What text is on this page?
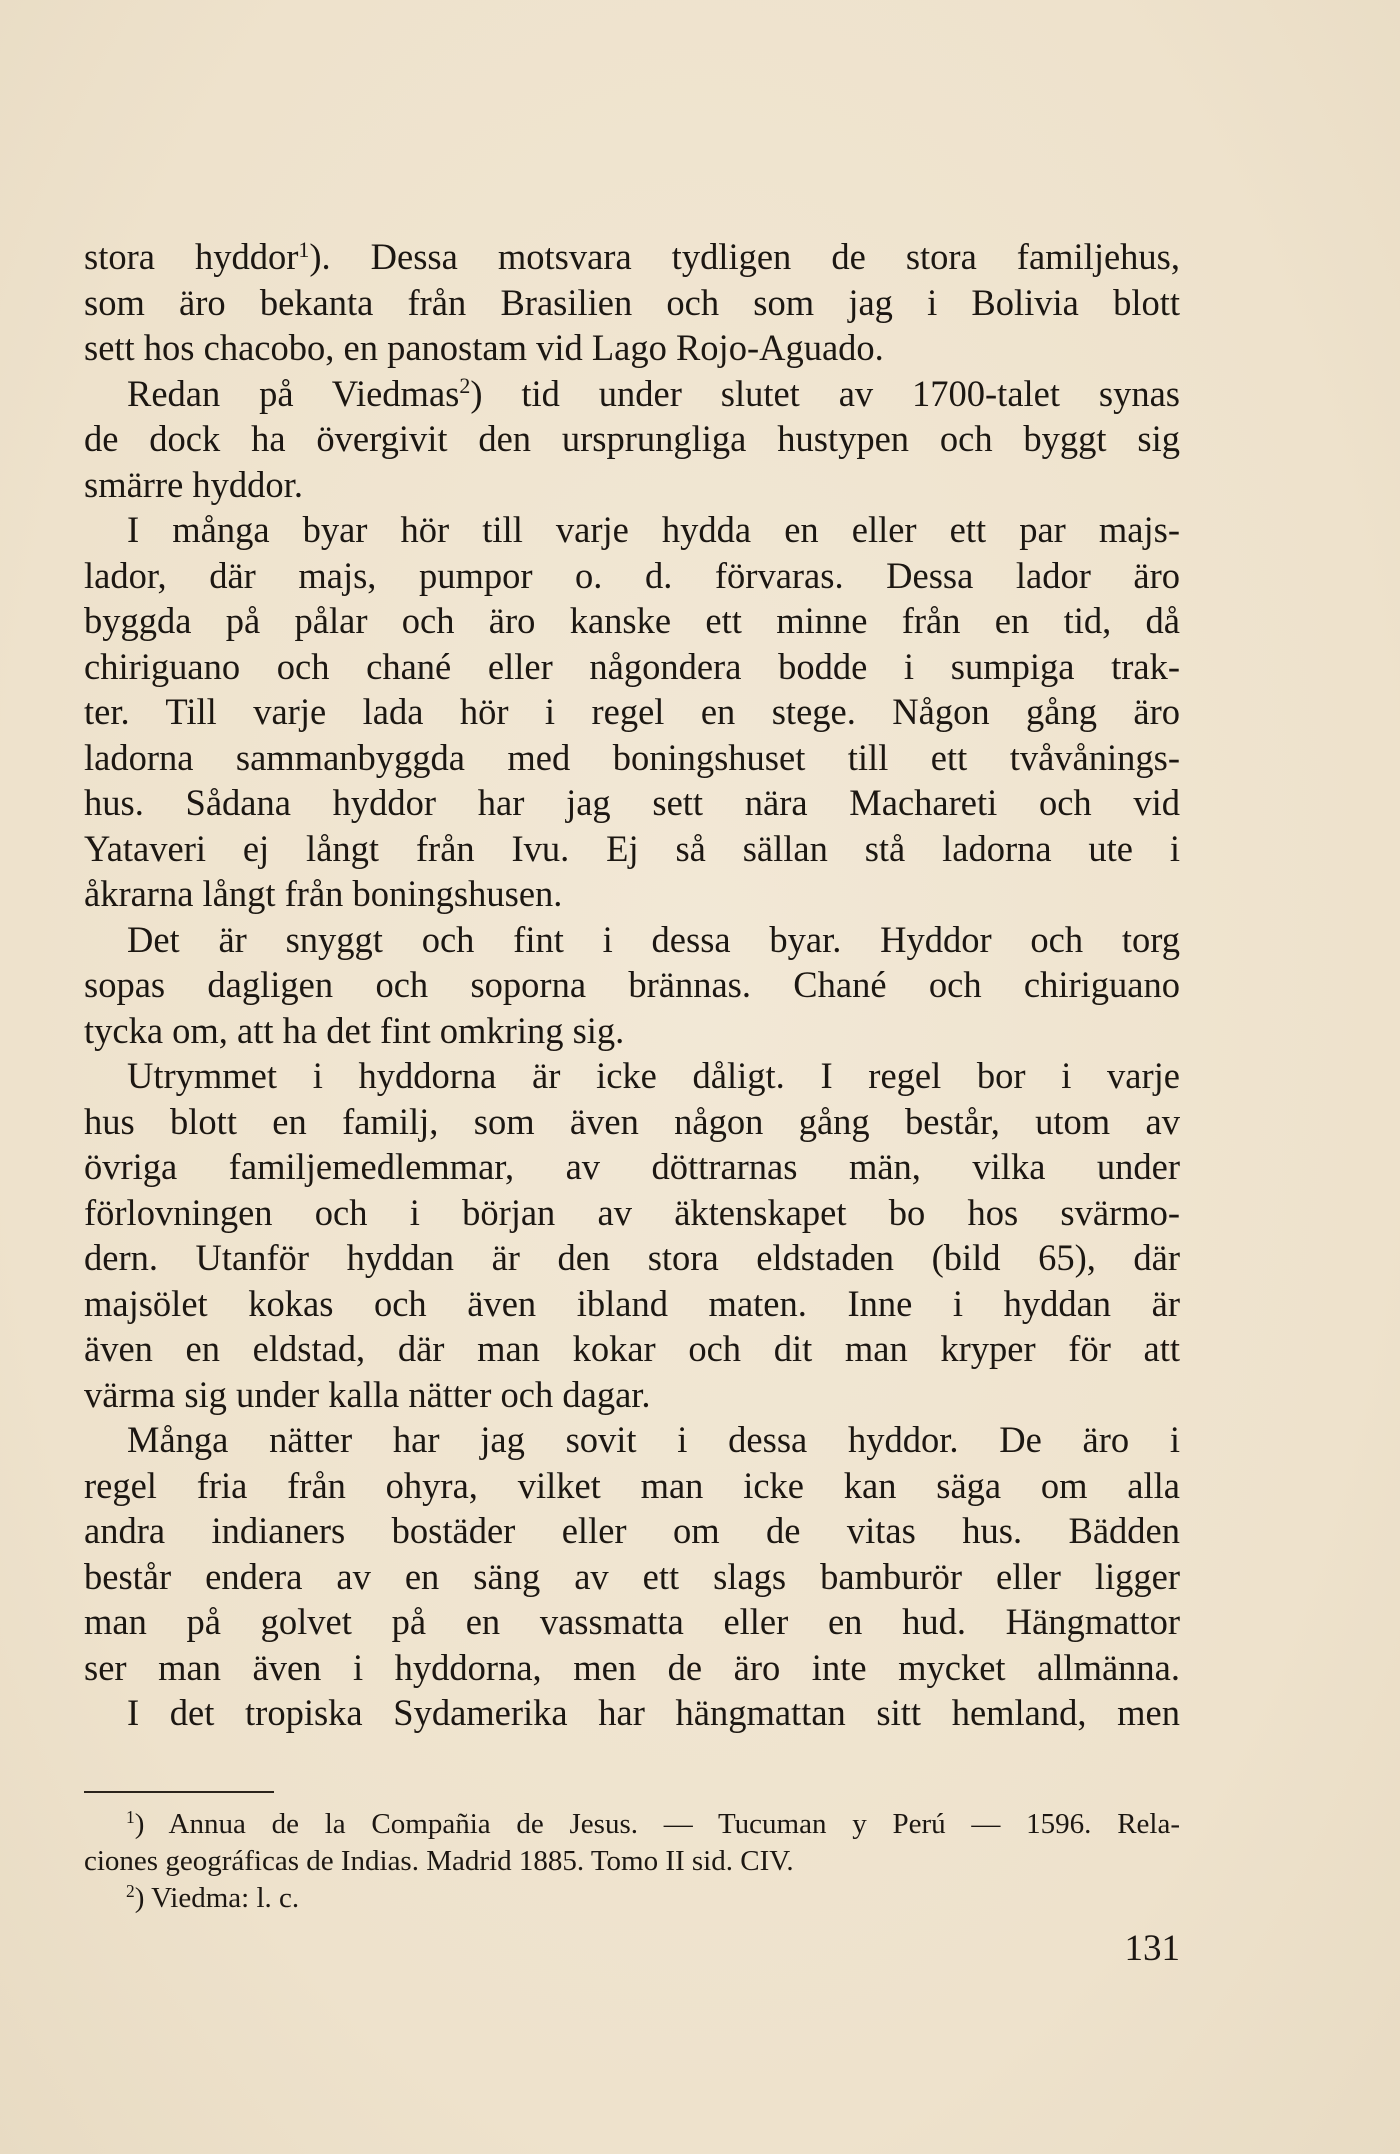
stora hyddor$^1$). Dessa motsvara tydligen de stora familjehus,
som äro bekanta från Brasilien och som jag i Bolivia blott
sett hos chacobo, en panostam vid Lago Rojo-Aguado.
Redan på Viedmas$^2$) tid under slutet av 1700-talet synas
de dock ha övergivit den ursprungliga hustypen och byggt sig
smärre hyddor.
I många byar hör till varje hydda en eller ett par majs-
lador, där majs, pumpor o. d. förvaras. Dessa lador äro
byggda på pålar och äro kanske ett minne från en tid, då
chiriguano och chané eller någondera bodde i sumpiga trak-
ter. Till varje lada hör i regel en stege. Någon gång äro
ladorna sammanbyggda med boningshuset till ett tvåvånings-
hus. Sådana hyddor har jag sett nära Machareti och vid
Yataveri ej långt från Ivu. Ej så sällan stå ladorna ute i
åkrarna långt från boningshusen.
Det är snyggt och fint i dessa byar. Hyddor och torg
sopas dagligen och soporna brännas. Chané och chiriguano
tycka om, att ha det fint omkring sig.
Utrymmet i hyddorna är icke dåligt. I regel bor i varje
hus blott en familj, som även någon gång består, utom av
övriga familjemedlemmar, av döttrarnas män, vilka under
förlovningen och i början av äktenskapet bo hos svärmo-
dern. Utanför hyddan är den stora eldstaden (bild 65), där
majsölet kokas och även ibland maten. Inne i hyddan är
även en eldstad, där man kokar och dit man kryper för att
värma sig under kalla nätter och dagar.
Många nätter har jag sovit i dessa hyddor. De äro i
regel fria från ohyra, vilket man icke kan säga om alla
andra indianers bostäder eller om de vitas hus. Bädden
består endera av en säng av ett slags bamburör eller ligger
man på golvet på en vassmatta eller en hud. Hängmattor
ser man även i hyddorna, men de äro inte mycket allmänna.
I det tropiska Sydamerika har hängmattan sitt hemland, men
$^1$) Annua de la Compañia de Jesus. — Tucuman y Perú — 1596. Rela-
ciones geográficas de Indias. Madrid 1885. Tomo II sid. CIV.
$^2$) Viedma: l. c.
131
